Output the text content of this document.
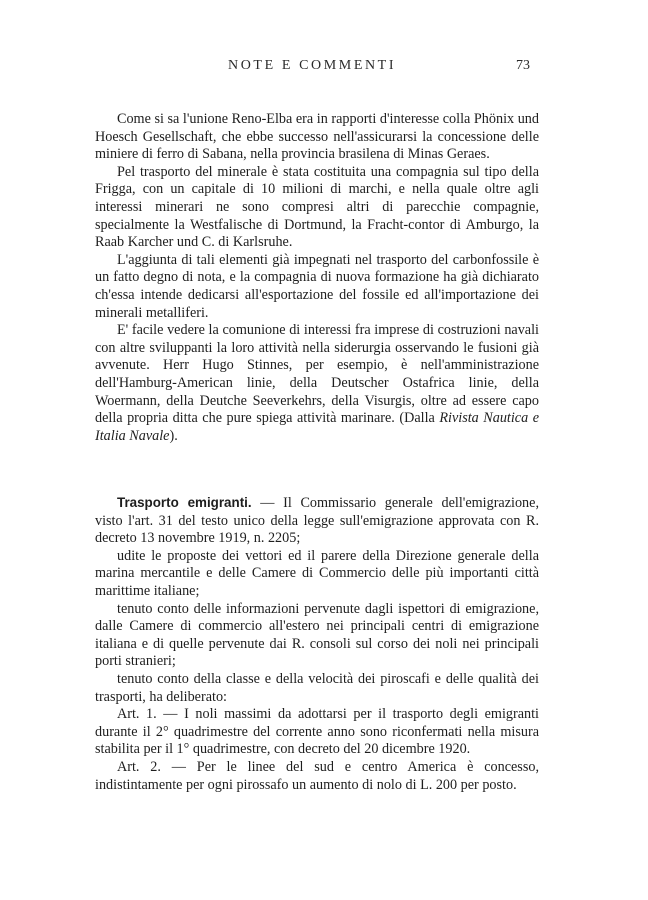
NOTE E COMMENTI	73

Come si sa l'unione Reno-Elba era in rapporti d'interesse colla Phönix und Hoesch Gesellschaft, che ebbe successo nell'assicurarsi la concessione delle miniere di ferro di Sabana, nella provincia brasilena di Minas Geraes.

Pel trasporto del minerale è stata costituita una compagnia sul tipo della Frigga, con un capitale di 10 milioni di marchi, e nella quale oltre agli interessi minerari ne sono compresi altri di parecchie compagnie, specialmente la Westfalische di Dortmund, la Fracht-contor di Amburgo, la Raab Karcher und C. di Karlsruhe.

L'aggiunta di tali elementi già impegnati nel trasporto del carbonfossile è un fatto degno di nota, e la compagnia di nuova formazione ha già dichiarato ch'essa intende dedicarsi all'esportazione del fossile ed all'importazione dei minerali metalliferi.

E' facile vedere la comunione di interessi fra imprese di costruzioni navali con altre sviluppanti la loro attività nella siderurgia osservando le fusioni già avvenute. Herr Hugo Stinnes, per esempio, è nell'amministrazione dell'Hamburg-American linie, della Deutscher Ostafrica linie, della Woermann, della Deutche Seeverkehrs, della Visurgis, oltre ad essere capo della propria ditta che pure spiega attività marinare. (Dalla Rivista Nautica e Italia Navale).

Trasporto emigranti. — Il Commissario generale dell'emigrazione, visto l'art. 31 del testo unico della legge sull'emigrazione approvata con R. decreto 13 novembre 1919, n. 2205;

udite le proposte dei vettori ed il parere della Direzione generale della marina mercantile e delle Camere di Commercio delle più importanti città marittime italiane;

tenuto conto delle informazioni pervenute dagli ispettori di emigrazione, dalle Camere di commercio all'estero nei principali centri di emigrazione italiana e di quelle pervenute dai R. consoli sul corso dei noli nei principali porti stranieri;

tenuto conto della classe e della velocità dei piroscafi e delle qualità dei trasporti, ha deliberato:

Art. 1. — I noli massimi da adottarsi per il trasporto degli emigranti durante il 2° quadrimestre del corrente anno sono riconfermati nella misura stabilita per il 1° quadrimestre, con decreto del 20 dicembre 1920.

Art. 2. — Per le linee del sud e centro America è concesso, indistintamente per ogni pirossafo un aumento di nolo di L. 200 per posto.
